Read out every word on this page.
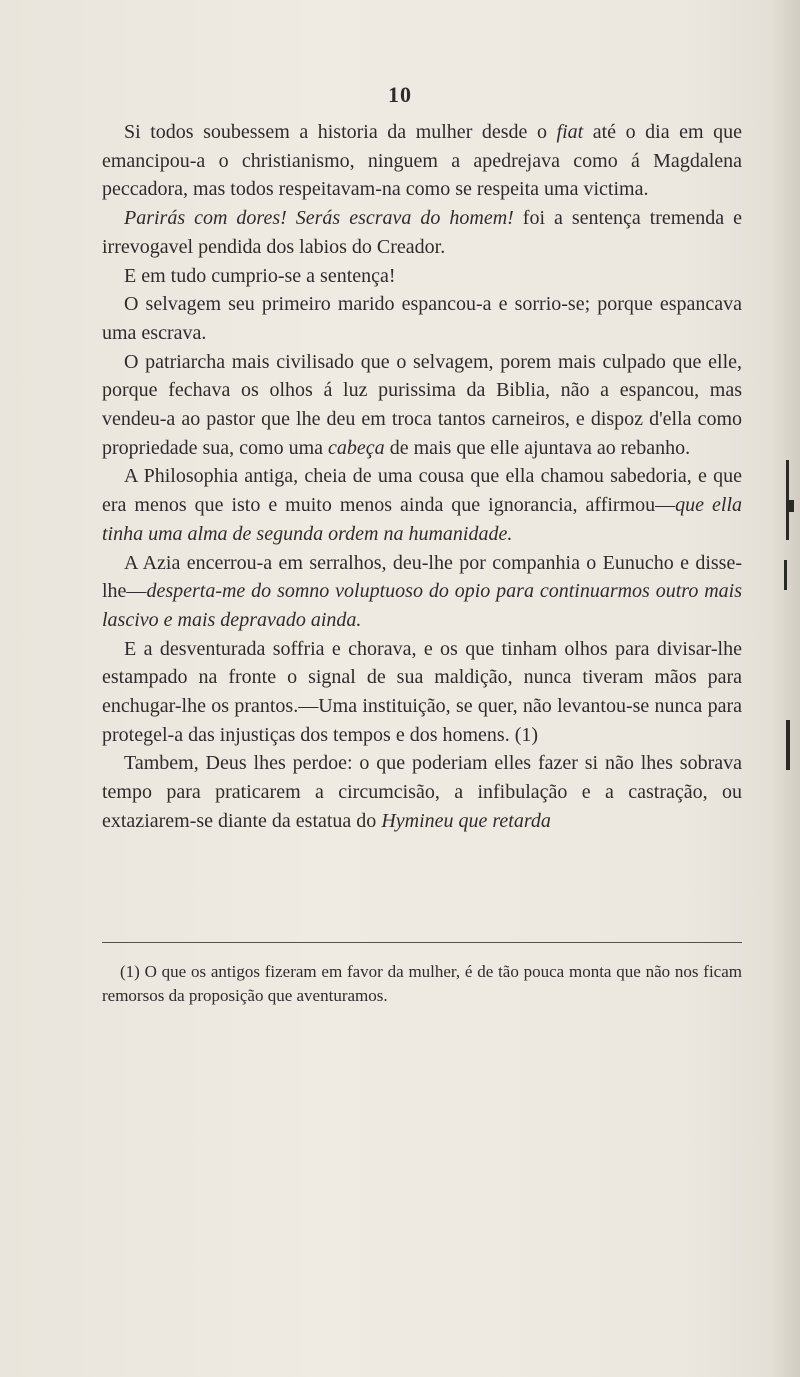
10

Si todos soubessem a historia da mulher desde o fiat até o dia em que emancipou-a o christianismo, ninguem a apedrejava como á Magdalena peccadora, mas todos respeitavam-na como se respeita uma victima.

Parirás com dores! Serás escrava do homem! foi a sentença tremenda e irrevogavel pendida dos labios do Creador.

E em tudo cumprio-se a sentença!

O selvagem seu primeiro marido espancou-a e sorrio-se; porque espancava uma escrava.

O patriarcha mais civilisado que o selvagem, porem mais culpado que elle, porque fechava os olhos á luz purissima da Biblia, não a espancou, mas vendeu-a ao pastor que lhe deu em troca tantos carneiros, e dispoz d'ella como propriedade sua, como uma cabeça de mais que elle ajuntava ao rebanho.

A Philosophia antiga, cheia de uma cousa que ella chamou sabedoria, e que era menos que isto e muito menos ainda que ignorancia, affirmou—que ella tinha uma alma de segunda ordem na humanidade.

A Azia encerrou-a em serralhos, deu-lhe por companhia o Eunucho e disse-lhe—desperta-me do somno voluptuoso do opio para continuarmos outro mais lascivo e mais depravado ainda.

E a desventurada soffria e chorava, e os que tinham olhos para divisar-lhe estampado na fronte o signal de sua maldição, nunca tiveram mãos para enchugar-lhe os prantos.—Uma instituição, se quer, não levantou-se nunca para protegel-a das injustiças dos tempos e dos homens. (1)

Tambem, Deus lhes perdoe: o que poderiam elles fazer si não lhes sobrava tempo para praticarem a circumcisão, a infibulação e a castração, ou extaziarem-se diante da estatua do Hymineu que retarda

(1) O que os antigos fizeram em favor da mulher, é de tão pouca monta que não nos ficam remorsos da proposição que aventuramos.
